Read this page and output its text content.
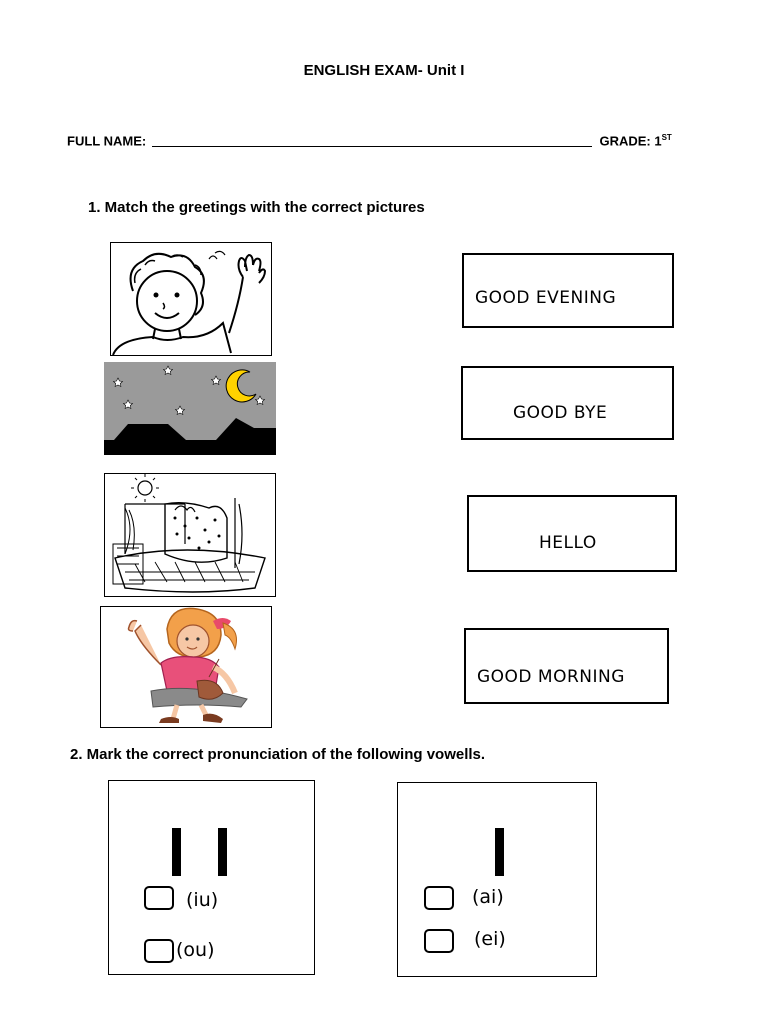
ENGLISH EXAM- Unit I
FULL NAME:	GRADE: 1ST
1. Match the greetings with the correct pictures
GOOD EVENING
GOOD BYE
HELLO
GOOD MORNING
2. Mark the correct pronunciation of the following vowells.
(iu)
(ou)
(ai)
(ei)
